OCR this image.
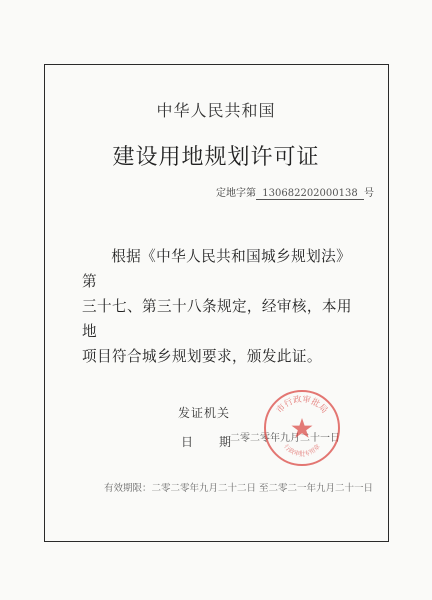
中华人民共和国
建设用地规划许可证
定地字第 130682202000138 号

根据《中华人民共和国城乡规划法》第

三十七、第三十八条规定，经审核，本用地

项目符合城乡规划要求，颁发此证。

发证机关
日 期
二零二零年九月二十一日
市行政审批局
行政审批专用章
有效期限：二零二零年九月二十二日 至二零二一年九月二十一日
